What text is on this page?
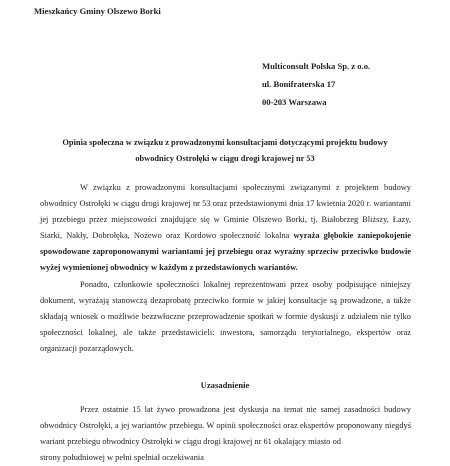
Mieszkańcy Gminy Olszewo Borki
Multiconsult Polska Sp. z o.o.
ul. Bonifraterska 17
00-203 Warszawa
Opinia społeczna w związku z prowadzonymi konsultacjami dotyczącymi projektu budowy
obwodnicy Ostrołęki w ciągu drogi krajowej nr 53

W związku z prowadzonymi konsultacjami społecznymi związanymi z projektem budowy obwodnicy Ostrołęki w ciągu drogi krajowej nr 53 oraz przedstawionymi dnia 17 kwietnia 2020 r. wariantami jej przebiegu przez miejscowości znajdujące się w Gminie Olszewo Borki, tj. Białobrzeg Bliższy, Łazy, Siarki, Nakły, Dobrołęka, Nożewo oraz Kordowo społeczność lokalna wyraża głębokie zaniepokojenie spowodowane zaproponowanymi wariantami jej przebiegu oraz wyraźny sprzeciw przeciwko budowie wyżej wymienionej obwodnicy w każdym z przedstawionych wariantów.

Ponadto, członkowie społeczności lokalnej reprezentowani przez osoby podpisujące niniejszy dokument, wyrażają stanowczą dezaprobatę przeciwko formie w jakiej konsultacje są prowadzone, a także składają wniosek o możliwie bezzwłoczne przeprowadzenie spotkań w formie dyskusji z udziałem nie tylko społeczności lokalnej, ale także przedstawicieli: inwestora, samorządu terytorialnego, ekspertów oraz organizacji pozarządowych.

Uzasadnienie

Przez ostatnie 15 lat żywo prowadzona jest dyskusja na temat nie samej zasadności budowy obwodnicy Ostrołęki, a jej wariantów przebiegu. W opinii społeczności oraz ekspertów proponowany niegdyś wariant przebiegu obwodnicy Ostrołęki w ciągu drogi krajowej nr 61 okalający miasto od

strony południowej w pełni spełniał oczekiwania
